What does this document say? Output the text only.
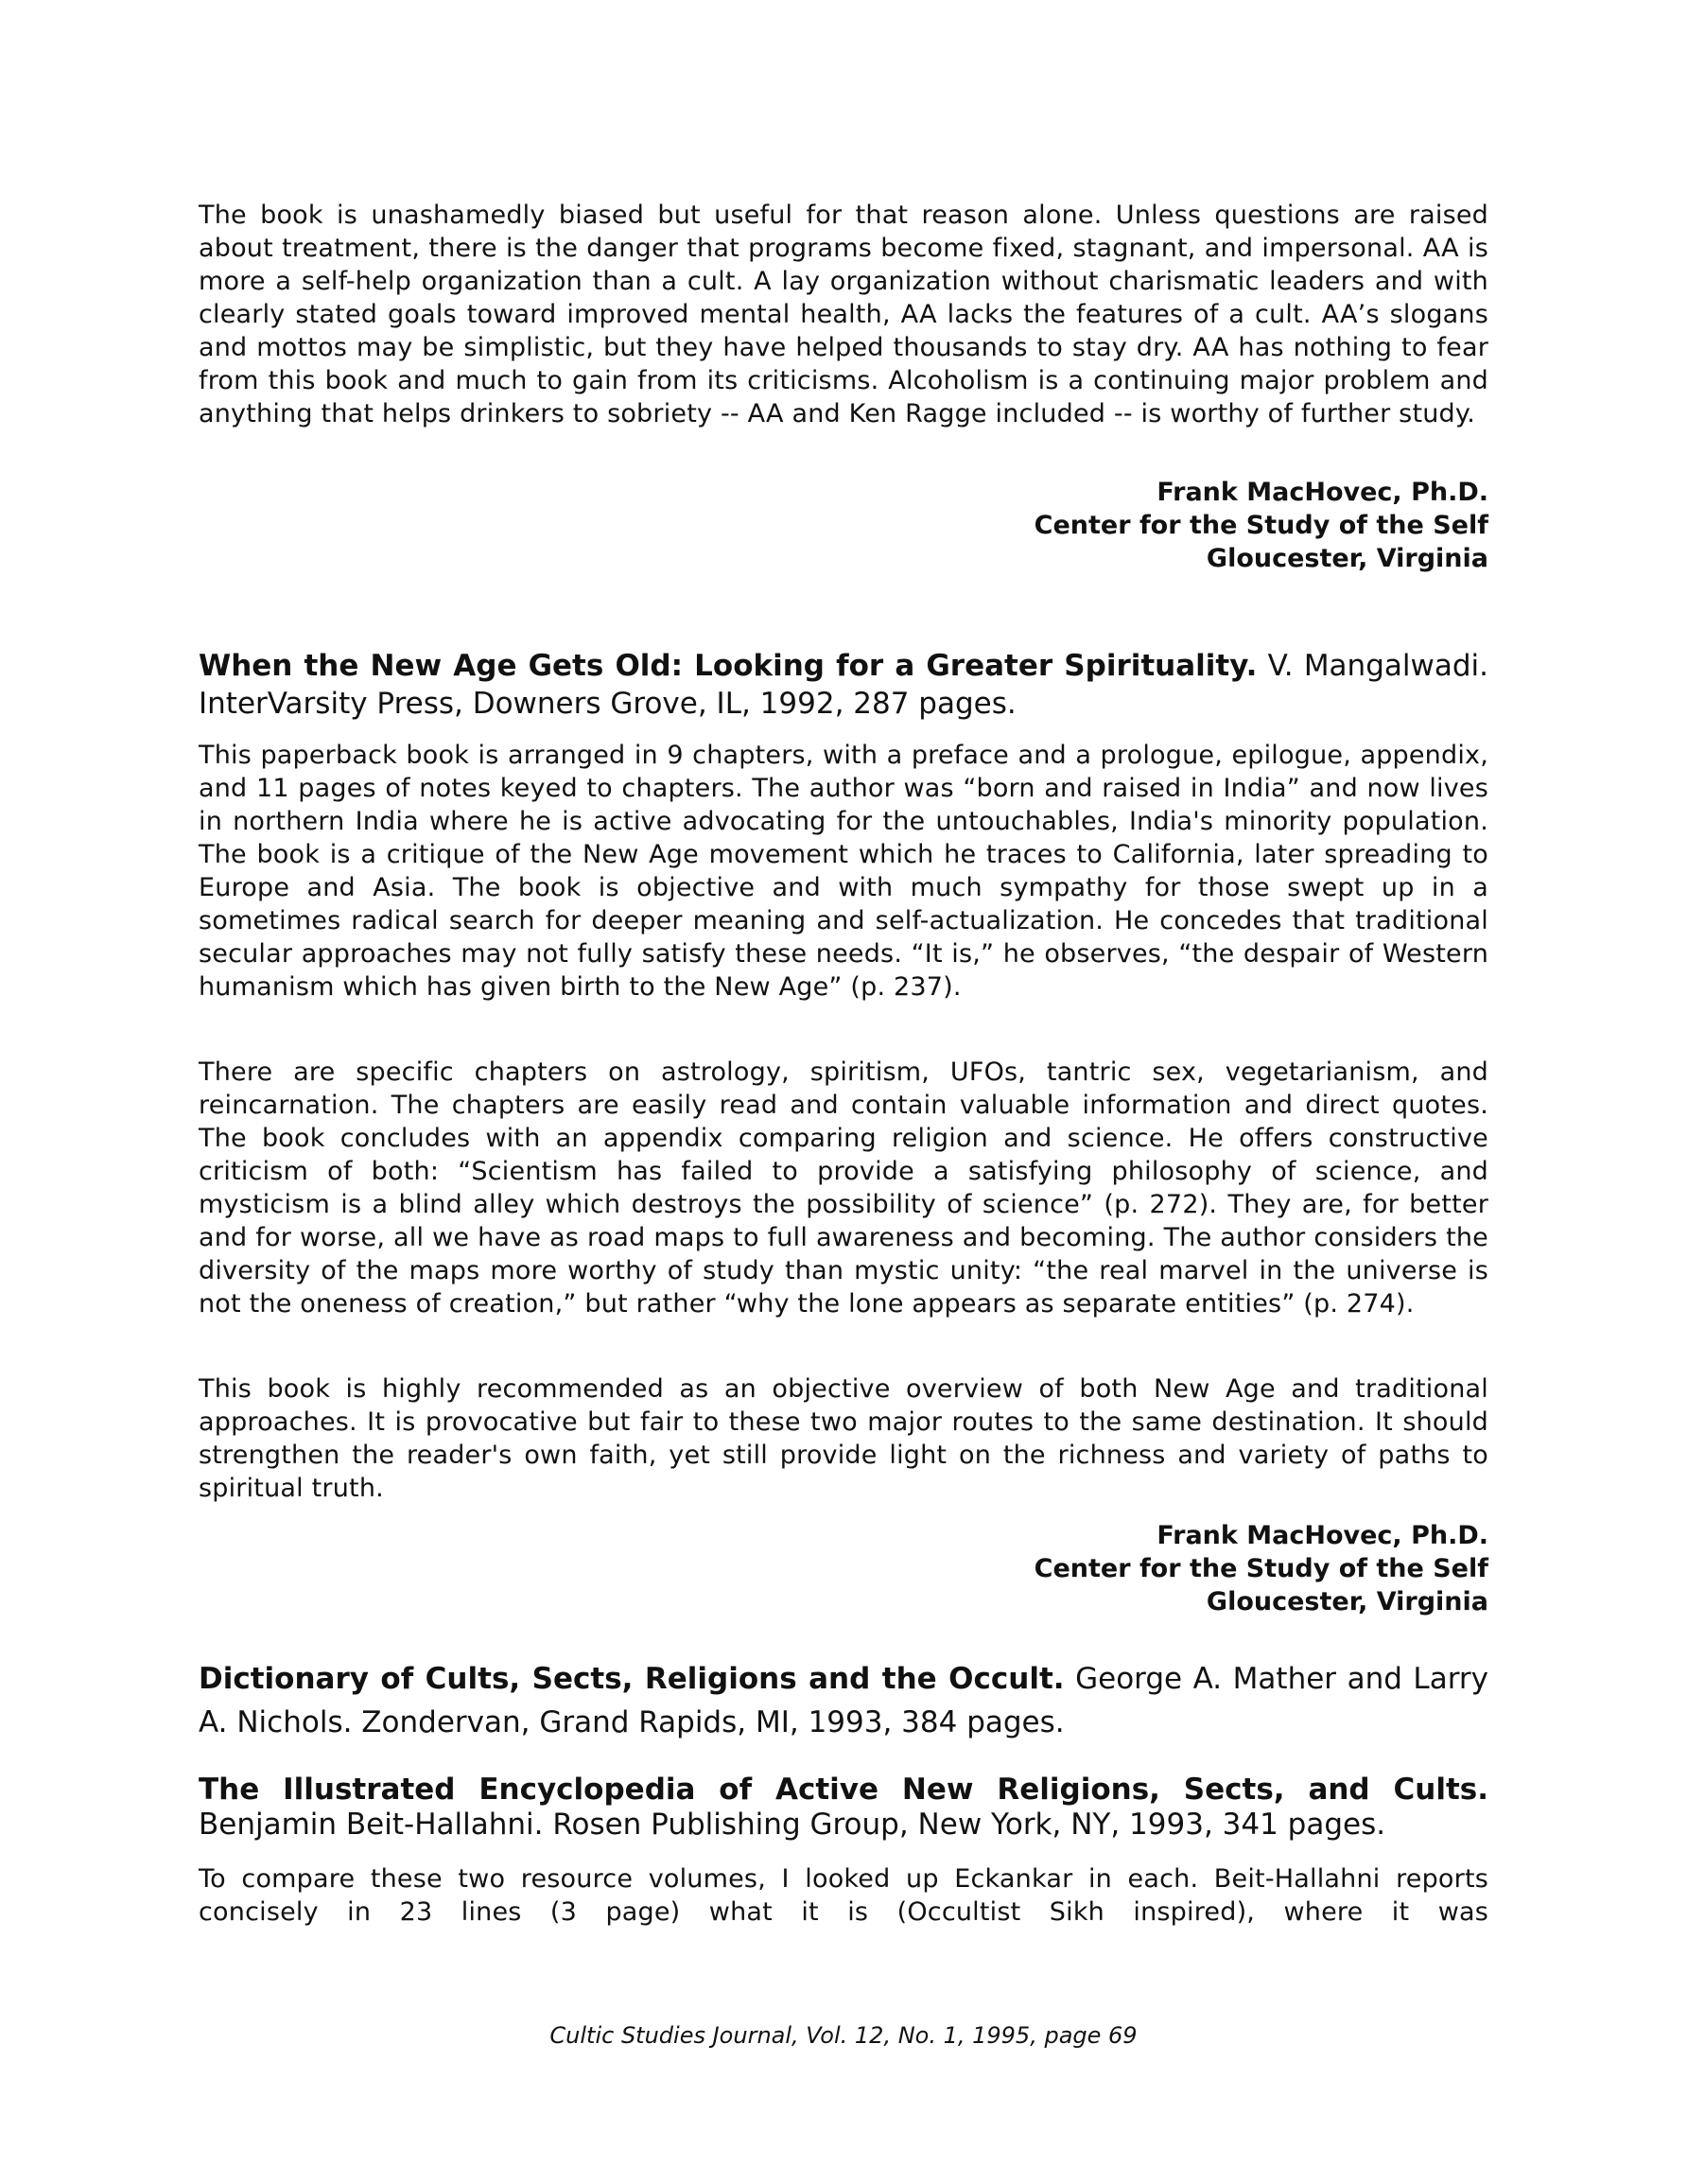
The book is unashamedly biased but useful for that reason alone. Unless questions are raised about treatment, there is the danger that programs become fixed, stagnant, and impersonal. AA is more a self-help organization than a cult. A lay organization without charismatic leaders and with clearly stated goals toward improved mental health, AA lacks the features of a cult. AA’s slogans and mottos may be simplistic, but they have helped thousands to stay dry. AA has nothing to fear from this book and much to gain from its criticisms. Alcoholism is a continuing major problem and anything that helps drinkers to sobriety -- AA and Ken Ragge included -- is worthy of further study.

Frank MacHovec, Ph.D.
Center for the Study of the Self
Gloucester, Virginia

When the New Age Gets Old: Looking for a Greater Spirituality. V. Mangalwadi. InterVarsity Press, Downers Grove, IL, 1992, 287 pages.

This paperback book is arranged in 9 chapters, with a preface and a prologue, epilogue, appendix, and 11 pages of notes keyed to chapters. The author was “born and raised in India” and now lives in northern India where he is active advocating for the untouchables, India's minority population. The book is a critique of the New Age movement which he traces to California, later spreading to Europe and Asia. The book is objective and with much sympathy for those swept up in a sometimes radical search for deeper meaning and self-actualization. He concedes that traditional secular approaches may not fully satisfy these needs. “It is,” he observes, “the despair of Western humanism which has given birth to the New Age” (p. 237).

There are specific chapters on astrology, spiritism, UFOs, tantric sex, vegetarianism, and reincarnation. The chapters are easily read and contain valuable information and direct quotes. The book concludes with an appendix comparing religion and science. He offers constructive criticism of both: “Scientism has failed to provide a satisfying philosophy of science, and mysticism is a blind alley which destroys the possibility of science” (p. 272). They are, for better and for worse, all we have as road maps to full awareness and becoming. The author considers the diversity of the maps more worthy of study than mystic unity: “the real marvel in the universe is not the oneness of creation,” but rather “why the lone appears as separate entities” (p. 274).

This book is highly recommended as an objective overview of both New Age and traditional approaches. It is provocative but fair to these two major routes to the same destination. It should strengthen the reader's own faith, yet still provide light on the richness and variety of paths to spiritual truth.

Frank MacHovec, Ph.D.
Center for the Study of the Self
Gloucester, Virginia

Dictionary of Cults, Sects, Religions and the Occult. George A. Mather and Larry A. Nichols. Zondervan, Grand Rapids, MI, 1993, 384 pages.

The Illustrated Encyclopedia of Active New Religions, Sects, and Cults. Benjamin Beit-Hallahni. Rosen Publishing Group, New York, NY, 1993, 341 pages.

To compare these two resource volumes, I looked up Eckankar in each. Beit-Hallahni reports concisely in 23 lines (3 page) what it is (Occultist Sikh inspired), where it was

Cultic Studies Journal, Vol. 12, No. 1, 1995, page 69
